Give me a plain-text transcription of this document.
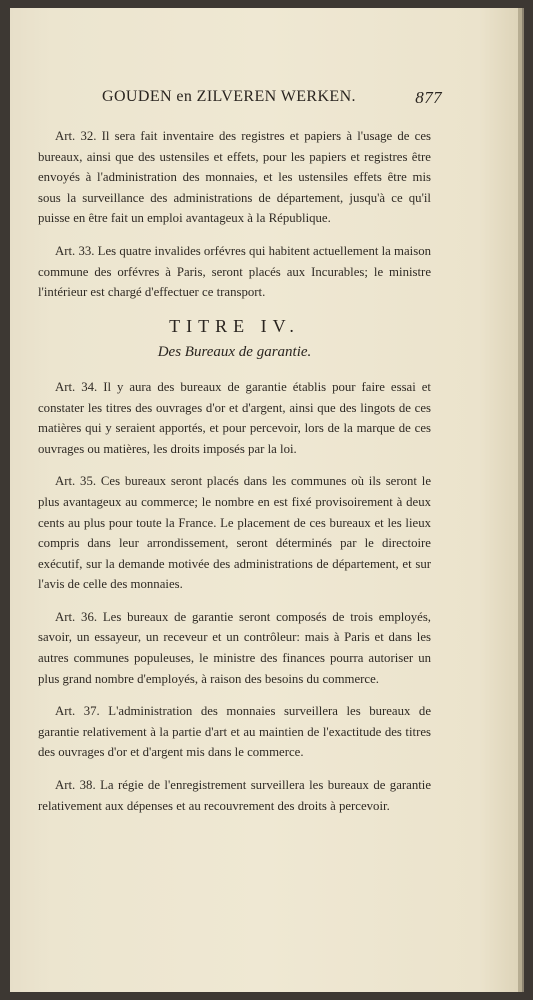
GOUDEN en ZILVEREN WERKEN.	877

Art. 32. Il sera fait inventaire des registres et papiers à l'usage de ces bureaux, ainsi que des ustensiles et effets, pour les papiers et registres être envoyés à l'administration des monnaies, et les ustensiles effets être mis sous la surveillance des administrations de département, jusqu'à ce qu'il puisse en être fait un emploi avantageux à la République.

Art. 33. Les quatre invalides orfévres qui habitent actuellement la maison commune des orfévres à Paris, seront placés aux Incurables; le ministre l'intérieur est chargé d'effectuer ce transport.

TITRE IV.
Des Bureaux de garantie.

Art. 34. Il y aura des bureaux de garantie établis pour faire essai et constater les titres des ouvrages d'or et d'argent, ainsi que des lingots de ces matières qui y seraient apportés, et pour percevoir, lors de la marque de ces ouvrages ou matières, les droits imposés par la loi.

Art. 35. Ces bureaux seront placés dans les communes où ils seront le plus avantageux au commerce; le nombre en est fixé provisoirement à deux cents au plus pour toute la France. Le placement de ces bureaux et les lieux compris dans leur arrondissement, seront déterminés par le directoire exécutif, sur la demande motivée des administrations de département, et sur l'avis de celle des monnaies.

Art. 36. Les bureaux de garantie seront composés de trois employés, savoir, un essayeur, un receveur et un contrôleur: mais à Paris et dans les autres communes populeuses, le ministre des finances pourra autoriser un plus grand nombre d'employés, à raison des besoins du commerce.

Art. 37. L'administration des monnaies surveillera les bureaux de garantie relativement à la partie d'art et au maintien de l'exactitude des titres des ouvrages d'or et d'argent mis dans le commerce.

Art. 38. La régie de l'enregistrement surveillera les bureaux de garantie relativement aux dépenses et au recouvrement des droits à percevoir.
